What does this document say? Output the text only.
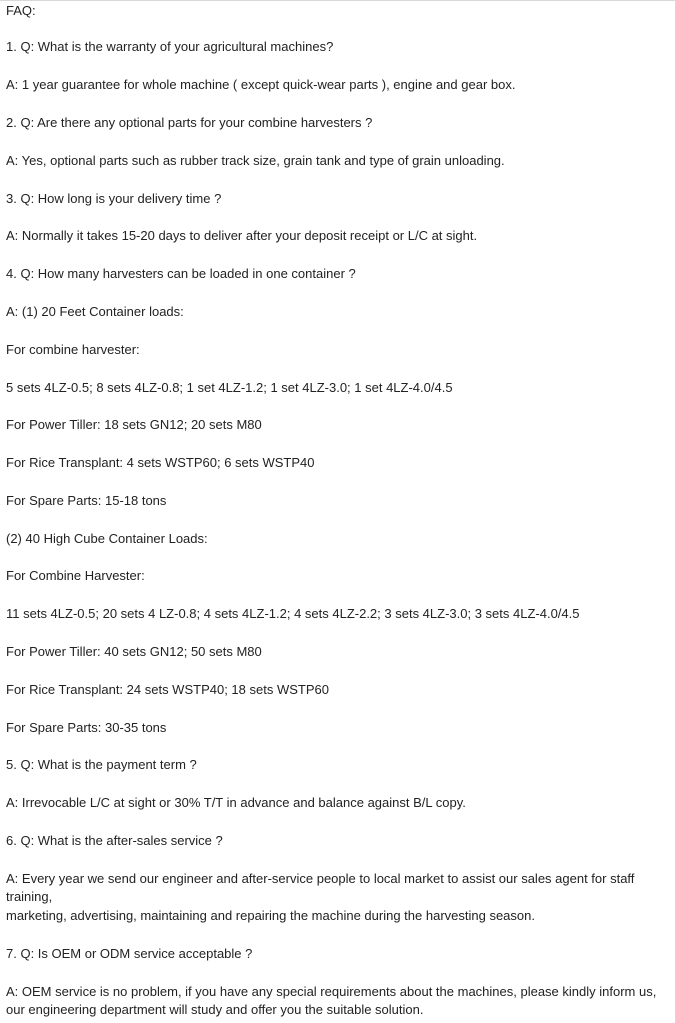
FAQ:
1. Q: What is the warranty of your agricultural machines?
A: 1 year guarantee for whole machine ( except quick-wear parts ), engine and gear box.
2. Q: Are there any optional parts for your combine harvesters ?
A: Yes, optional parts such as rubber track size, grain tank and type of grain unloading.
3. Q: How long is your delivery time ?
A: Normally it takes 15-20 days to deliver after your deposit receipt or L/C at sight.
4. Q: How many harvesters can be loaded in one container ?
A: (1) 20 Feet Container loads:
For combine harvester:
5 sets 4LZ-0.5; 8 sets 4LZ-0.8; 1 set 4LZ-1.2; 1 set 4LZ-3.0; 1 set 4LZ-4.0/4.5
For Power Tiller: 18 sets GN12; 20 sets M80
For Rice Transplant: 4 sets WSTP60; 6 sets WSTP40
For Spare Parts: 15-18 tons
(2) 40 High Cube Container Loads:
For Combine Harvester:
11 sets 4LZ-0.5; 20 sets 4 LZ-0.8; 4 sets 4LZ-1.2; 4 sets 4LZ-2.2; 3 sets 4LZ-3.0; 3 sets 4LZ-4.0/4.5
For Power Tiller: 40 sets GN12; 50 sets M80
For Rice Transplant: 24 sets WSTP40; 18 sets WSTP60
For Spare Parts: 30-35 tons
5. Q: What is the payment term ?
A: Irrevocable L/C at sight or 30% T/T in advance and balance against B/L copy.
6. Q: What is the after-sales service ?
A: Every year we send our engineer and after-service people to local market to assist our sales agent for staff training,
marketing, advertising, maintaining and repairing the machine during the harvesting season.
7. Q: Is OEM or ODM service acceptable ?
A: OEM service is no problem, if you have any special requirements about the machines, please kindly inform us, our engineering department will study and offer you the suitable solution.
